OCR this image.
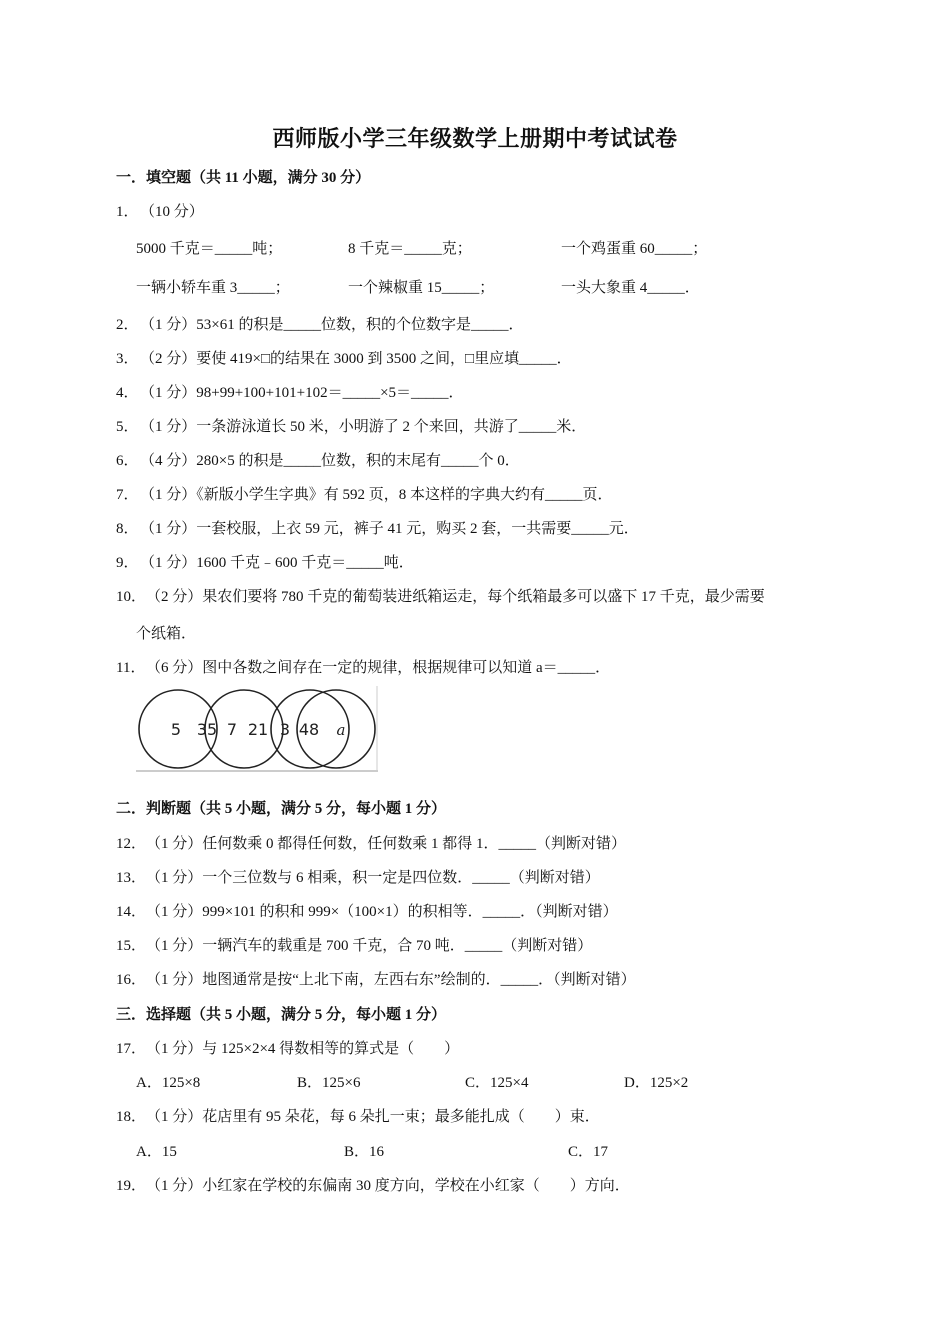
西师版小学三年级数学上册期中考试试卷
一．填空题（共 11 小题，满分 30 分）
1．（10 分）
5000 千克＝_____吨；	8 千克＝_____克；	一个鸡蛋重 60_____；
一辆小轿车重 3_____；	一个辣椒重 15_____；	一头大象重 4_____．
2．（1 分）53×61 的积是_____位数，积的个位数字是_____．
3．（2 分）要使 419×□的结果在 3000 到 3500 之间，□里应填_____．
4．（1 分）98+99+100+101+102＝_____×5＝_____．
5．（1 分）一条游泳道长 50 米，小明游了 2 个来回，共游了_____米．
6．（4 分）280×5 的积是_____位数，积的末尾有_____个 0．
7．（1 分）《新版小学生字典》有 592 页，8 本这样的字典大约有_____页．
8．（1 分）一套校服，上衣 59 元，裤子 41 元，购买 2 套，一共需要_____元．
9．（1 分）1600 千克﹣600 千克＝_____吨．
10．（2 分）果农们要将 780 千克的葡萄装进纸箱运走，每个纸箱最多可以盛下 17 千克，最少需要
个纸箱．
11．（6 分）图中各数之间存在一定的规律，根据规律可以知道 a＝_____．
5 35 7 21 3 48 a
二．判断题（共 5 小题，满分 5 分，每小题 1 分）
12．（1 分）任何数乘 0 都得任何数，任何数乘 1 都得 1．_____（判断对错）
13．（1 分）一个三位数与 6 相乘，积一定是四位数．_____（判断对错）
14．（1 分）999×101 的积和 999×（100×1）的积相等．_____．（判断对错）
15．（1 分）一辆汽车的载重是 700 千克，合 70 吨．_____（判断对错）
16．（1 分）地图通常是按“上北下南，左西右东”绘制的．_____．（判断对错）
三．选择题（共 5 小题，满分 5 分，每小题 1 分）
17．（1 分）与 125×2×4 得数相等的算式是（　　）
A．125×8	B．125×6	C．125×4	D．125×2
18．（1 分）花店里有 95 朵花，每 6 朵扎一束；最多能扎成（　　）束．
A．15	B．16	C．17
19．（1 分）小红家在学校的东偏南 30 度方向，学校在小红家（　　）方向．
